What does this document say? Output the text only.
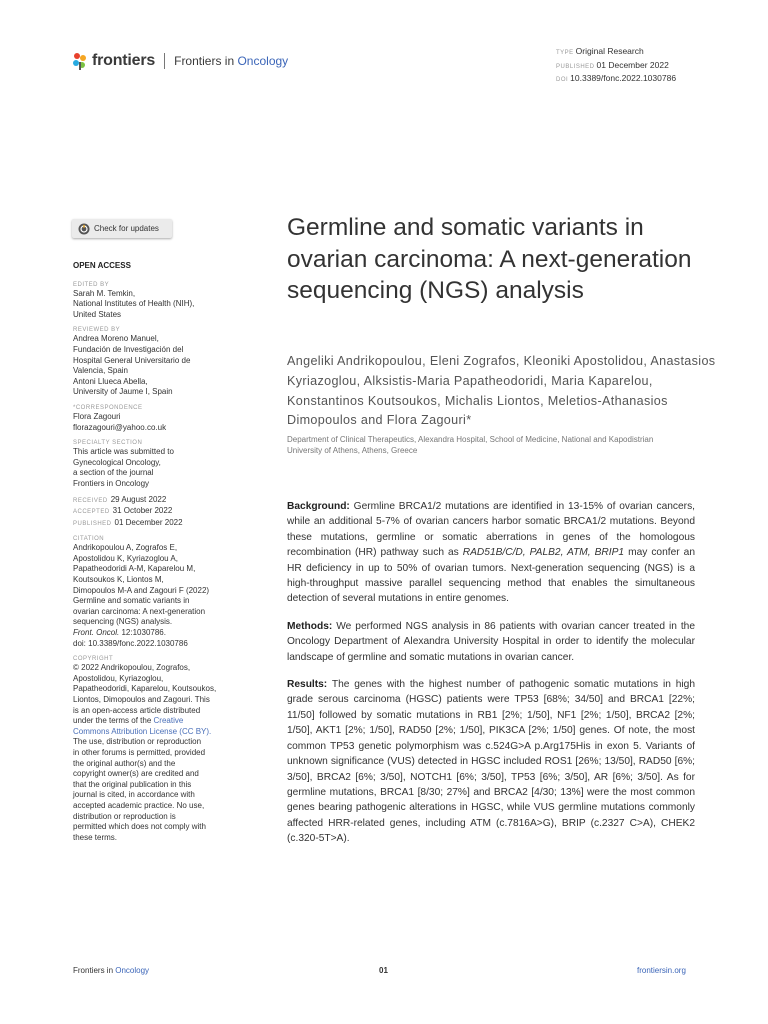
frontiers Frontiers in Oncology
TYPE Original Research
PUBLISHED 01 December 2022
DOI 10.3389/fonc.2022.1030786
Check for updates
OPEN ACCESS
EDITED BY
Sarah M. Temkin,
National Institutes of Health (NIH),
United States
REVIEWED BY
Andrea Moreno Manuel,
Fundación de Investigación del
Hospital General Universitario de
Valencia, Spain
Antoni Llueca Abella,
University of Jaume I, Spain
*CORRESPONDENCE
Flora Zagouri
florazagouri@yahoo.co.uk
SPECIALTY SECTION
This article was submitted to
Gynecological Oncology,
a section of the journal
Frontiers in Oncology
RECEIVED 29 August 2022
ACCEPTED 31 October 2022
PUBLISHED 01 December 2022
CITATION
Andrikopoulou A, Zografos E,
Apostolidou K, Kyriazoglou A,
Papatheodoridi A-M, Kaparelou M,
Koutsoukos K, Liontos M,
Dimopoulos M-A and Zagouri F (2022)
Germline and somatic variants in
ovarian carcinoma: A next-generation
sequencing (NGS) analysis.
Front. Oncol. 12:1030786.
doi: 10.3389/fonc.2022.1030786
COPYRIGHT
© 2022 Andrikopoulou, Zografos,
Apostolidou, Kyriazoglou,
Papatheodoridi, Kaparelou, Koutsoukos,
Liontos, Dimopoulos and Zagouri. This
is an open-access article distributed
under the terms of the Creative
Commons Attribution License (CC BY).
The use, distribution or reproduction
in other forums is permitted, provided
the original author(s) and the
copyright owner(s) are credited and
that the original publication in this
journal is cited, in accordance with
accepted academic practice. No use,
distribution or reproduction is
permitted which does not comply with
these terms.
Germline and somatic variants in ovarian carcinoma: A next-generation sequencing (NGS) analysis

Angeliki Andrikopoulou, Eleni Zografos, Kleoniki Apostolidou, Anastasios Kyriazoglou, Alksistis-Maria Papatheodoridi, Maria Kaparelou, Konstantinos Koutsoukos, Michalis Liontos, Meletios-Athanasios Dimopoulos and Flora Zagouri*

Department of Clinical Therapeutics, Alexandra Hospital, School of Medicine, National and Kapodistrian University of Athens, Athens, Greece

Background: Germline BRCA1/2 mutations are identified in 13-15% of ovarian cancers, while an additional 5-7% of ovarian cancers harbor somatic BRCA1/2 mutations. Beyond these mutations, germline or somatic aberrations in genes of the homologous recombination (HR) pathway such as RAD51B/C/D, PALB2, ATM, BRIP1 may confer an HR deficiency in up to 50% of ovarian tumors. Next-generation sequencing (NGS) is a high-throughput massive parallel sequencing method that enables the simultaneous detection of several mutations in entire genomes.

Methods: We performed NGS analysis in 86 patients with ovarian cancer treated in the Oncology Department of Alexandra University Hospital in order to identify the molecular landscape of germline and somatic mutations in ovarian cancer.

Results: The genes with the highest number of pathogenic somatic mutations in high grade serous carcinoma (HGSC) patients were TP53 [68%; 34/50] and BRCA1 [22%; 11/50] followed by somatic mutations in RB1 [2%; 1/50], NF1 [2%; 1/50], BRCA2 [2%; 1/50], AKT1 [2%; 1/50], RAD50 [2%; 1/50], PIK3CA [2%; 1/50] genes. Of note, the most common TP53 genetic polymorphism was c.524G>A p.Arg175His in exon 5. Variants of unknown significance (VUS) detected in HGSC included ROS1 [26%; 13/50], RAD50 [6%; 3/50], BRCA2 [6%; 3/50], NOTCH1 [6%; 3/50], TP53 [6%; 3/50], AR [6%; 3/50]. As for germline mutations, BRCA1 [8/30; 27%] and BRCA2 [4/30; 13%] were the most common genes bearing pathogenic alterations in HGSC, while VUS germline mutations commonly affected HRR-related genes, including ATM (c.7816A>G), BRIP (c.2327 C>A), CHEK2 (c.320-5T>A).

Frontiers in Oncology	01	frontiersin.org
